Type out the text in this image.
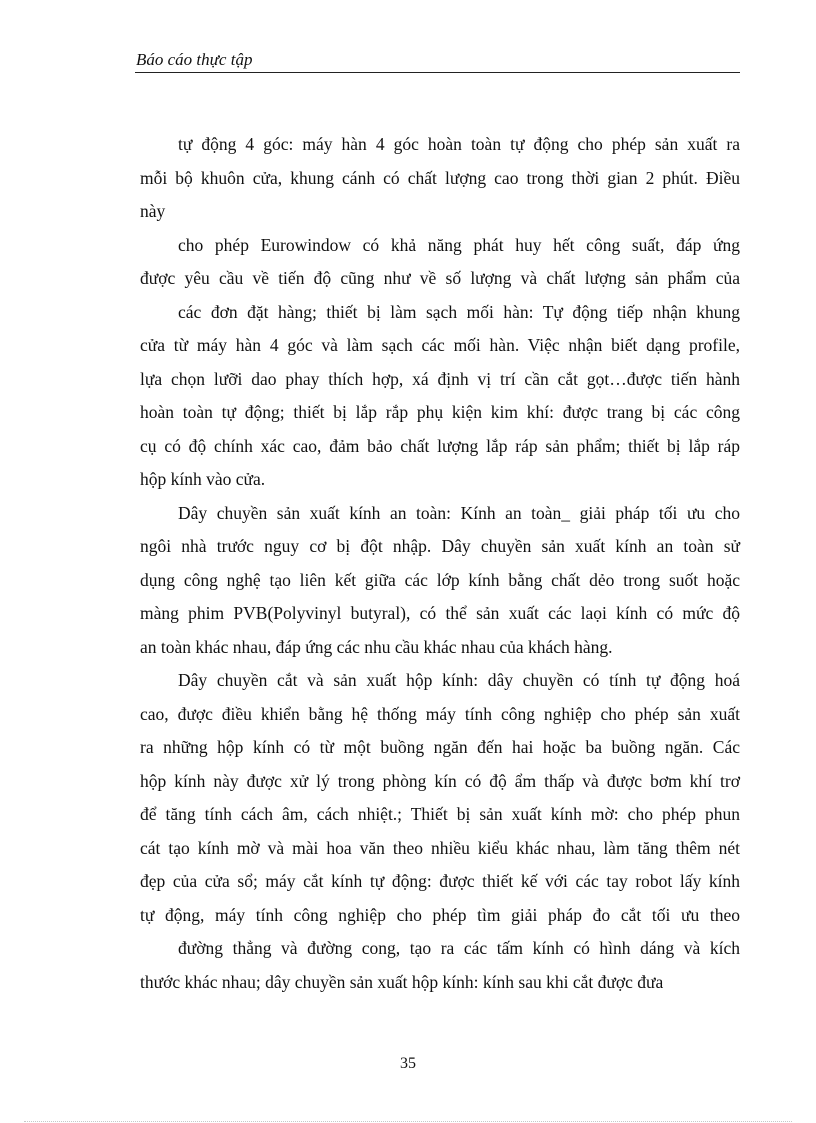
Báo cáo thực tập
tự động 4 góc: máy hàn 4 góc hoàn toàn tự động cho phép sản xuất ra
mỗi bộ khuôn cửa, khung cánh có chất lượng cao trong thời gian 2 phút. Điều
này
cho phép Eurowindow có khả năng phát huy hết công suất, đáp ứng
được yêu cầu về tiến độ cũng như về số lượng và chất lượng sản phẩm của
các đơn đặt hàng; thiết bị làm sạch mối hàn: Tự động tiếp nhận khung
cửa từ máy hàn 4 góc và làm sạch các mối hàn. Việc nhận biết dạng profile,
lựa chọn lưỡi dao phay thích hợp, xá định vị trí cần cắt gọt…được tiến hành
hoàn toàn tự động; thiết bị lắp rắp phụ kiện kim khí: được trang bị các công
cụ có độ chính xác cao, đảm bảo chất lượng lắp ráp sản phẩm; thiết bị lắp ráp
hộp kính vào cửa.
Dây chuyền sản xuất kính an toàn: Kính an toàn_ giải pháp tối ưu cho
ngôi nhà trước nguy cơ bị đột nhập. Dây chuyền sản xuất kính an toàn sử
dụng công nghệ tạo liên kết giữa các lớp kính bằng chất dẻo trong suốt hoặc
màng phim PVB(Polyvinyl butyral), có thể sản xuất các laọi kính có mức độ
an toàn khác nhau, đáp ứng các nhu cầu khác nhau của khách hàng.
Dây chuyền cắt và sản xuất hộp kính: dây chuyền có tính tự động hoá
cao, được điều khiển bằng hệ thống máy tính công nghiệp cho phép sản xuất
ra những hộp kính có từ một buồng ngăn đến hai hoặc ba buồng ngăn. Các
hộp kính này được xử lý trong phòng kín có độ ẩm thấp và được bơm khí trơ
để tăng tính cách âm, cách nhiệt.; Thiết bị sản xuất kính mờ: cho phép phun
cát tạo kính mờ và mài hoa văn theo nhiều kiểu khác nhau, làm tăng thêm nét
đẹp của cửa sổ; máy cắt kính tự động: được thiết kế với các tay robot lấy kính
tự động, máy tính công nghiệp cho phép tìm giải pháp đo cắt tối ưu theo
đường thẳng và đường cong, tạo ra các tấm kính có hình dáng và kích
thước khác nhau; dây chuyền sản xuất hộp kính: kính sau khi cắt được đưa
35
